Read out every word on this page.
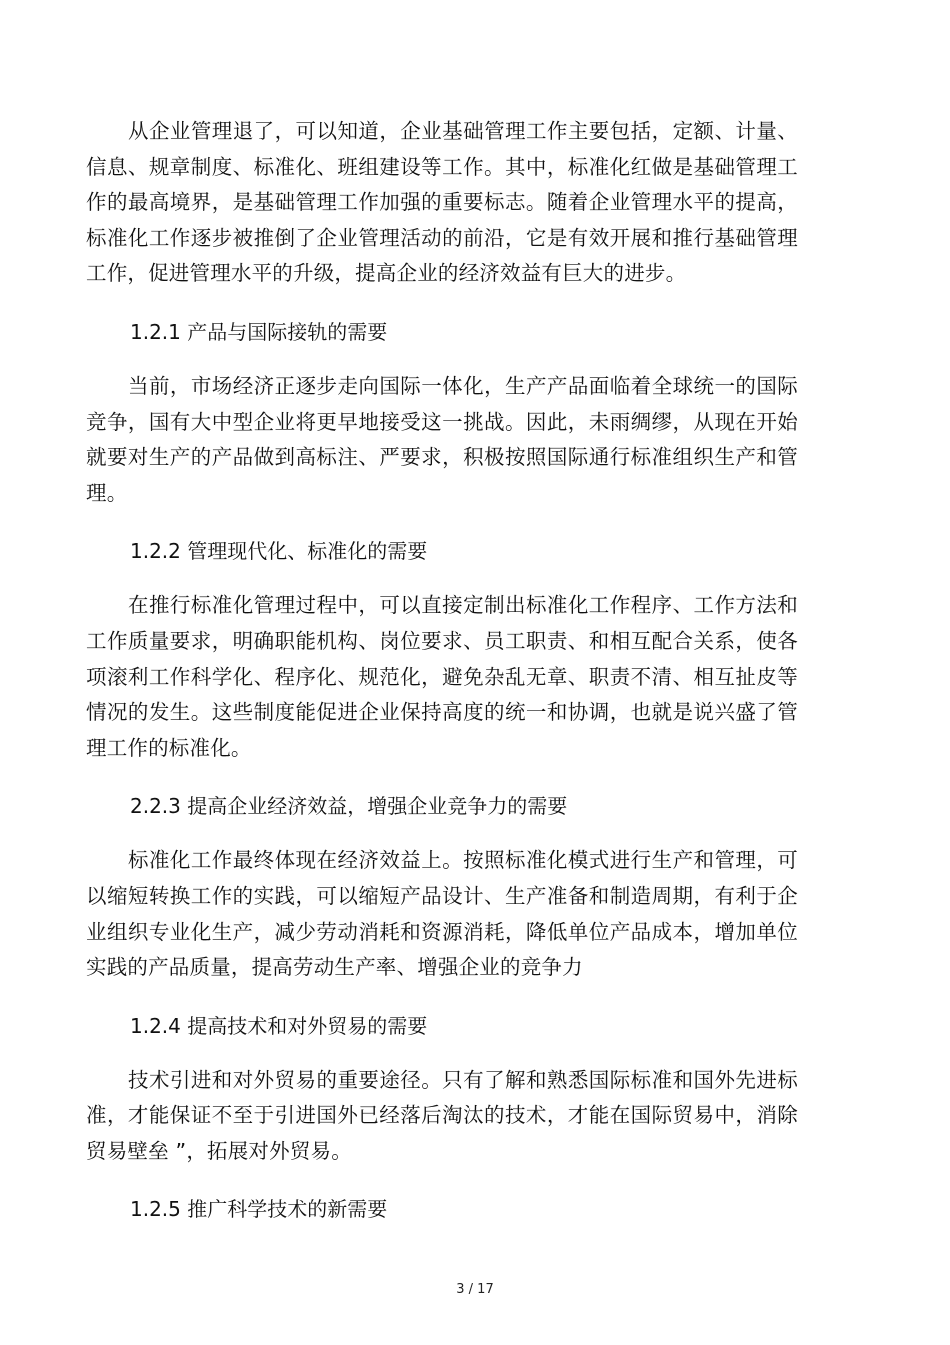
从企业管理退了，可以知道，企业基础管理工作主要包括，定额、计量、信息、规章制度、标准化、班组建设等工作。其中，标准化红做是基础管理工作的最高境界，是基础管理工作加强的重要标志。随着企业管理水平的提高，标准化工作逐步被推倒了企业管理活动的前沿，它是有效开展和推行基础管理工作，促进管理水平的升级，提高企业的经济效益有巨大的进步。

1.2.1 产品与国际接轨的需要

当前，市场经济正逐步走向国际一体化，生产产品面临着全球统一的国际竞争，国有大中型企业将更早地接受这一挑战。因此，未雨绸缪，从现在开始就要对生产的产品做到高标注、严要求，积极按照国际通行标准组织生产和管理。

1.2.2 管理现代化、标准化的需要

在推行标准化管理过程中，可以直接定制出标准化工作程序、工作方法和工作质量要求，明确职能机构、岗位要求、员工职责、和相互配合关系，使各项滚利工作科学化、程序化、规范化，避免杂乱无章、职责不清、相互扯皮等情况的发生。这些制度能促进企业保持高度的统一和协调，也就是说兴盛了管理工作的标准化。

2.2.3 提高企业经济效益，增强企业竞争力的需要

标准化工作最终体现在经济效益上。按照标准化模式进行生产和管理，可以缩短转换工作的实践，可以缩短产品设计、生产准备和制造周期，有利于企业组织专业化生产，减少劳动消耗和资源消耗，降低单位产品成本，增加单位实践的产品质量，提高劳动生产率、增强企业的竞争力

1.2.4 提高技术和对外贸易的需要

技术引进和对外贸易的重要途径。只有了解和熟悉国际标准和国外先进标准，才能保证不至于引进国外已经落后淘汰的技术，才能在国际贸易中，消除 贸易壁垒 ”，拓展对外贸易。

1.2.5 推广科学技术的新需要

3 / 17
